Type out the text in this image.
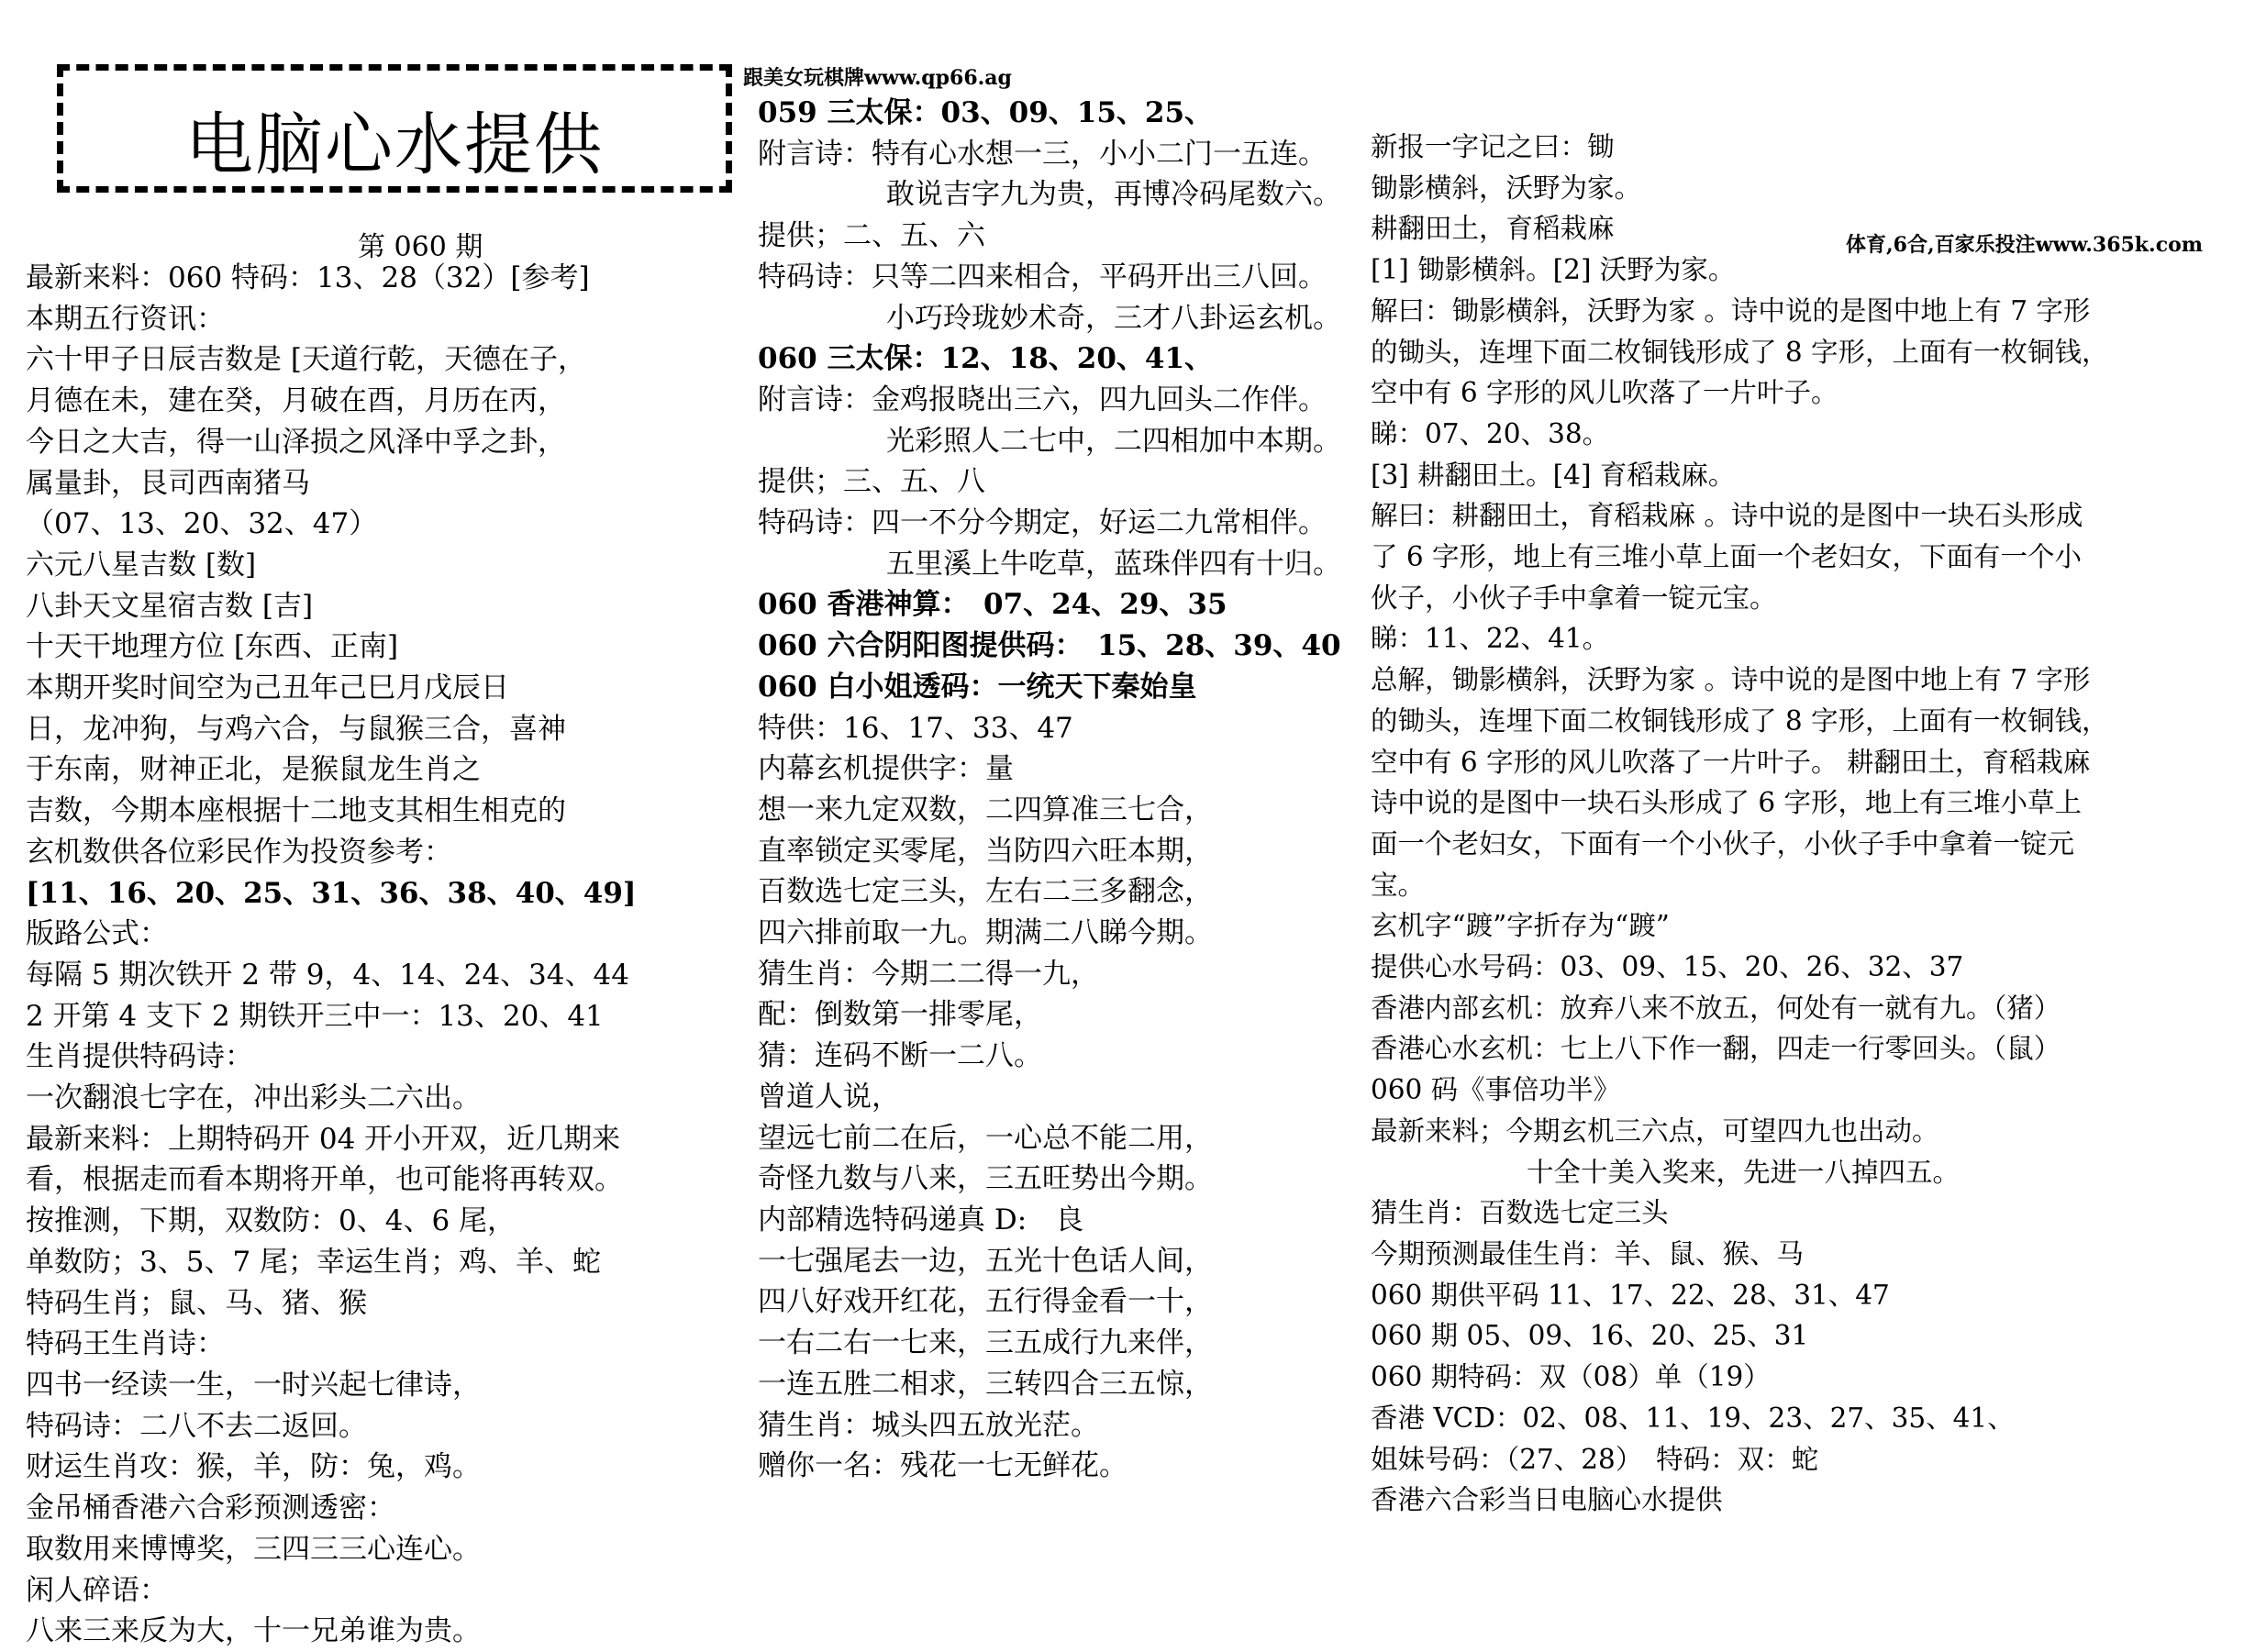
电脑心水提供
第 060 期
跟美女玩棋牌www.qp66.ag
体育,6合,百家乐投注www.365k.com
最新来料：060 特码：13、28（32）[参考]
本期五行资讯：
六十甲子日辰吉数是 [天道行乾，天德在子，
月德在未，建在癸，月破在酉，月历在丙，
今日之大吉，得一山泽损之风泽中孚之卦，
属量卦，艮司西南猪马
（07、13、20、32、47）
六元八星吉数 [数]
八卦天文星宿吉数 [吉]
十天干地理方位 [东西、正南]
本期开奖时间空为己丑年己巳月戊辰日
日，龙冲狗，与鸡六合，与鼠猴三合，喜神
于东南，财神正北，是猴鼠龙生肖之
吉数，今期本座根据十二地支其相生相克的
玄机数供各位彩民作为投资参考：
[11、16、20、25、31、36、38、40、49]
版路公式：
每隔 5 期次铁开 2 带 9，4、14、24、34、44
2 开第 4 支下 2 期铁开三中一：13、20、41
生肖提供特码诗：
一次翻浪七字在，冲出彩头二六出。
最新来料：上期特码开 04 开小开双，近几期来
看，根据走而看本期将开单，也可能将再转双。
按推测，下期，双数防：0、4、6 尾，
单数防；3、5、7 尾；幸运生肖；鸡、羊、蛇
特码生肖；鼠、马、猪、猴
特码王生肖诗：
四书一经读一生，一时兴起七律诗，
特码诗：二八不去二返回。
财运生肖攻：猴，羊，防：兔，鸡。
金吊桶香港六合彩预测透密：
取数用来博博奖，三四三三心连心。
闲人碎语：
八来三来反为大，十一兄弟谁为贵。
059 三太保：03、09、15、25、
附言诗：特有心水想一三，小小二门一五连。
敢说吉字九为贵，再博冷码尾数六。
提供；二、五、六
特码诗：只等二四来相合，平码开出三八回。
小巧玲珑妙术奇，三才八卦运玄机。
060 三太保：12、18、20、41、
附言诗：金鸡报晓出三六，四九回头二作伴。
光彩照人二七中，二四相加中本期。
提供；三、五、八
特码诗：四一不分今期定，好运二九常相伴。
五里溪上牛吃草，蓝珠伴四有十归。
060 香港神算：　07、24、29、35
060 六合阴阳图提供码：　15、28、39、40
060 白小姐透码：一统天下秦始皇
特供：16、17、33、47
内幕玄机提供字：量
想一来九定双数，二四算准三七合，
直率锁定买零尾，当防四六旺本期，
百数选七定三头，左右二三多翻念，
四六排前取一九。期满二八睇今期。
猜生肖：今期二二得一九，
配：倒数第一排零尾，
猜：连码不断一二八。
曾道人说，
望远七前二在后，一心总不能二用，
奇怪九数与八来，三五旺势出今期。
内部精选特码递真 D:　良
一七强尾去一边，五光十色话人间，
四八好戏开红花，五行得金看一十，
一右二右一七来，三五成行九来伴，
一连五胜二相求，三转四合三五惊，
猜生肖：城头四五放光茫。
赠你一名：残花一七无鲜花。
新报一字记之曰：锄
锄影横斜，沃野为家。
耕翻田土，育稻栽麻
[1] 锄影横斜。[2] 沃野为家。
解曰：锄影横斜，沃野为家 。诗中说的是图中地上有 7 字形
的锄头，连埋下面二枚铜钱形成了 8 字形，上面有一枚铜钱，
空中有 6 字形的风儿吹落了一片叶子。
睇：07、20、38。
[3] 耕翻田土。[4] 育稻栽麻。
解曰：耕翻田土，育稻栽麻 。诗中说的是图中一块石头形成
了 6 字形，地上有三堆小草上面一个老妇女，下面有一个小
伙子，小伙子手中拿着一锭元宝。
睇：11、22、41。
总解，锄影横斜，沃野为家 。诗中说的是图中地上有 7 字形
的锄头，连埋下面二枚铜钱形成了 8 字形，上面有一枚铜钱，
空中有 6 字形的风儿吹落了一片叶子。 耕翻田土，育稻栽麻
诗中说的是图中一块石头形成了 6 字形，地上有三堆小草上
面一个老妇女，下面有一个小伙子，小伙子手中拿着一锭元
宝。
玄机字“踱”字折存为“踱”
提供心水号码：03、09、15、20、26、32、37
香港内部玄机：放弃八来不放五，何处有一就有九。（猪）
香港心水玄机：七上八下作一翻，四走一行零回头。（鼠）
060 码《事倍功半》
最新来料；今期玄机三六点，可望四九也出动。
十全十美入奖来，先进一八掉四五。
猜生肖：百数选七定三头
今期预测最佳生肖：羊、鼠、猴、马
060 期供平码 11、17、22、28、31、47
060 期 05、09、16、20、25、31
060 期特码：双（08）单（19）
香港 VCD：02、08、11、19、23、27、35、41、
姐妹号码：（27、28）　特码：双：蛇
香港六合彩当日电脑心水提供
